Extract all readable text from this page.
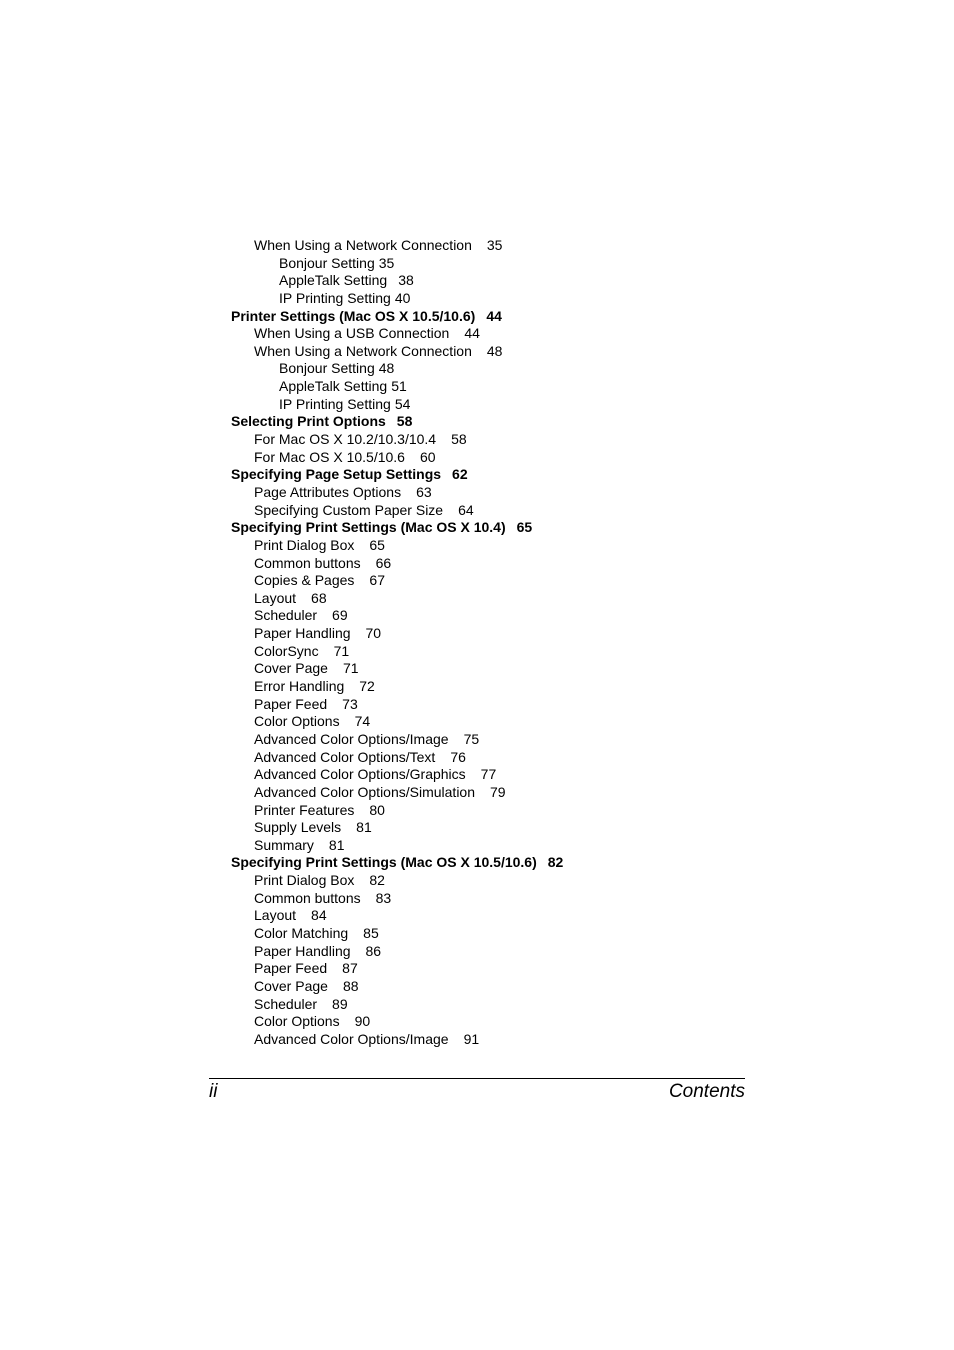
When Using a Network Connection 35
Bonjour Setting 35
AppleTalk Setting 38
IP Printing Setting 40
Printer Settings (Mac OS X 10.5/10.6) 44
When Using a USB Connection 44
When Using a Network Connection 48
Bonjour Setting 48
AppleTalk Setting 51
IP Printing Setting 54
Selecting Print Options 58
For Mac OS X 10.2/10.3/10.4 58
For Mac OS X 10.5/10.6 60
Specifying Page Setup Settings 62
Page Attributes Options 63
Specifying Custom Paper Size 64
Specifying Print Settings (Mac OS X 10.4) 65
Print Dialog Box 65
Common buttons 66
Copies & Pages 67
Layout 68
Scheduler 69
Paper Handling 70
ColorSync 71
Cover Page 71
Error Handling 72
Paper Feed 73
Color Options 74
Advanced Color Options/Image 75
Advanced Color Options/Text 76
Advanced Color Options/Graphics 77
Advanced Color Options/Simulation 79
Printer Features 80
Supply Levels 81
Summary 81
Specifying Print Settings (Mac OS X 10.5/10.6) 82
Print Dialog Box 82
Common buttons 83
Layout 84
Color Matching 85
Paper Handling 86
Paper Feed 87
Cover Page 88
Scheduler 89
Color Options 90
Advanced Color Options/Image 91
ii	Contents
